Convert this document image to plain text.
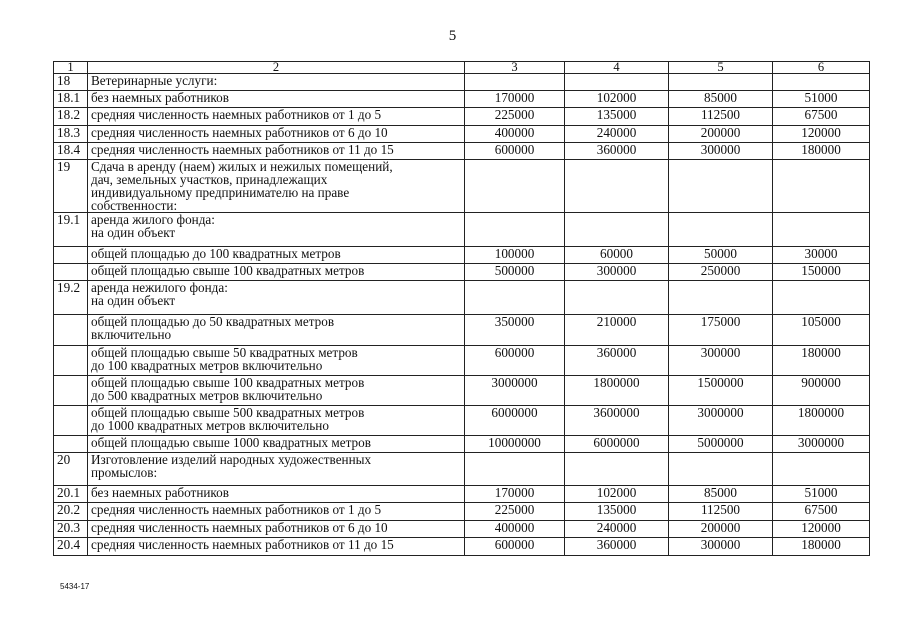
5
1	2	3	4	5	6
18	Ветеринарные услуги:				

18.1	без наемных работников	170000	102000	85000	51000
18.2	средняя численность наемных работников от 1 до 5	225000	135000	112500	67500
18.3	средняя численность наемных работников от 6 до 10	400000	240000	200000	120000
18.4	средняя численность наемных работников от 11 до 15	600000	360000	300000	180000
19	Сдача в аренду (наем) жилых и нежилых помещений,
дач, земельных участков, принадлежащих
индивидуальному предпринимателю на праве
собственности:				

19.1	аренда жилого фонда:
на один объект				

	общей площадью до 100 квадратных метров	100000	60000	50000	30000

	общей площадью свыше 100 квадратных метров	500000	300000	250000	150000
19.2	аренда нежилого фонда:
на один объект				

	общей площадью до 50 квадратных метров
включительно	350000	210000	175000	105000

	общей площадью свыше 50 квадратных метров
до 100 квадратных метров включительно	600000	360000	300000	180000

	общей площадью свыше 100 квадратных метров
до 500 квадратных метров включительно	3000000	1800000	1500000	900000

	общей площадью свыше 500 квадратных метров
до 1000 квадратных метров включительно	6000000	3600000	3000000	1800000

	общей площадью свыше 1000 квадратных метров	10000000	6000000	5000000	3000000
20	Изготовление изделий народных художественных
промыслов:				

20.1	без наемных работников	170000	102000	85000	51000
20.2	средняя численность наемных работников от 1 до 5	225000	135000	112500	67500
20.3	средняя численность наемных работников от 6 до 10	400000	240000	200000	120000
20.4	средняя численность наемных работников от 11 до 15	600000	360000	300000	180000
5434-17
